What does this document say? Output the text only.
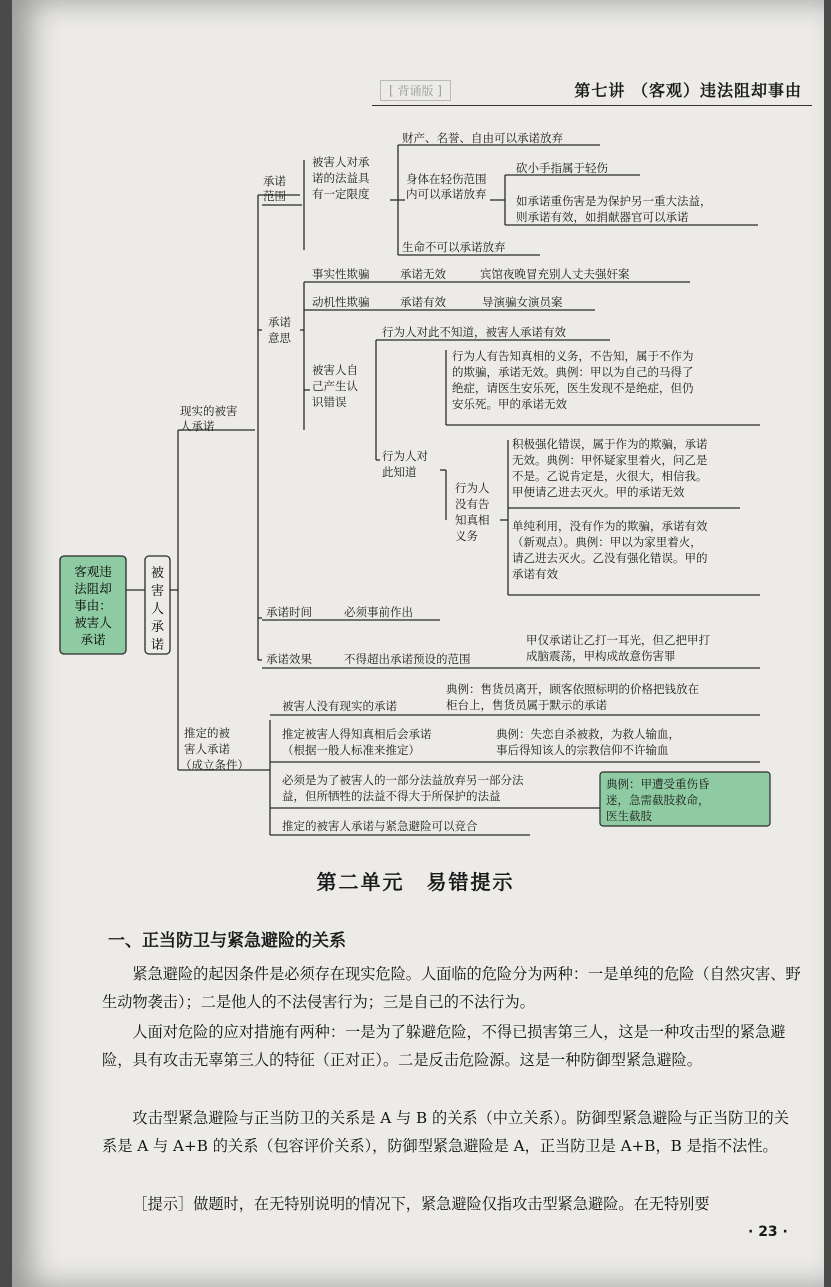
[ 背诵版 ]	第七讲 （客观）违法阻却事由
客观违法阻却事由：被害人承诺
被害人承诺
现实的被害人承诺
承诺范围
被害人对承诺的法益具有一定限度
财产、名誉、自由可以承诺放弃
身体在轻伤范围内可以承诺放弃
砍小手指属于轻伤
如承诺重伤害是为保护另一重大法益，则承诺有效，如捐献器官可以承诺
生命不可以承诺放弃
承诺意思
事实性欺骗	承诺无效	宾馆夜晚冒充别人丈夫强奸案
动机性欺骗	承诺有效	导演骗女演员案
被害人自己产生认识错误
行为人对此不知道，被害人承诺有效
行为人有告知真相的义务，不告知，属于不作为的欺骗，承诺无效。典例：甲以为自己的马得了绝症，请医生安乐死，医生发现不是绝症，但仍安乐死。甲的承诺无效
行为人对此知道
行为人没有告知真相义务
积极强化错误，属于作为的欺骗，承诺无效。典例：甲怀疑家里着火，问乙是不是。乙说肯定是，火很大，相信我。甲便请乙进去灭火。甲的承诺无效
单纯利用，没有作为的欺骗，承诺有效（新观点）。典例：甲以为家里着火，请乙进去灭火。乙没有强化错误。甲的承诺有效
承诺时间	必须事前作出
承诺效果	不得超出承诺预设的范围
甲仅承诺让乙打一耳光，但乙把甲打成脑震荡，甲构成故意伤害罪
推定的被害人承诺（成立条件）
被害人没有现实的承诺
典例：售货员离开，顾客依照标明的价格把钱放在柜台上，售货员属于默示的承诺
推定被害人得知真相后会承诺（根据一般人标准来推定）
典例：失恋自杀被救，为救人输血，事后得知该人的宗教信仰不许输血
必须是为了被害人的一部分法益放弃另一部分法益，但所牺牲的法益不得大于所保护的法益
典例：甲遭受重伤昏迷，急需截肢救命，医生截肢
推定的被害人承诺与紧急避险可以竞合
第二单元　易错提示
一、正当防卫与紧急避险的关系

紧急避险的起因条件是必须存在现实危险。人面临的危险分为两种：一是单纯的危险（自然灾害、野生动物袭击）；二是他人的不法侵害行为；三是自己的不法行为。

人面对危险的应对措施有两种：一是为了躲避危险，不得已损害第三人，这是一种攻击型的紧急避险，具有攻击无辜第三人的特征（正对正）。二是反击危险源。这是一种防御型紧急避险。

攻击型紧急避险与正当防卫的关系是 A 与 B 的关系（中立关系）。防御型紧急避险与正当防卫的关系是 A 与 A+B 的关系（包容评价关系），防御型紧急避险是 A，正当防卫是 A+B，B 是指不法性。

［提示］做题时，在无特别说明的情况下，紧急避险仅指攻击型紧急避险。在无特别要

· 23 ·
